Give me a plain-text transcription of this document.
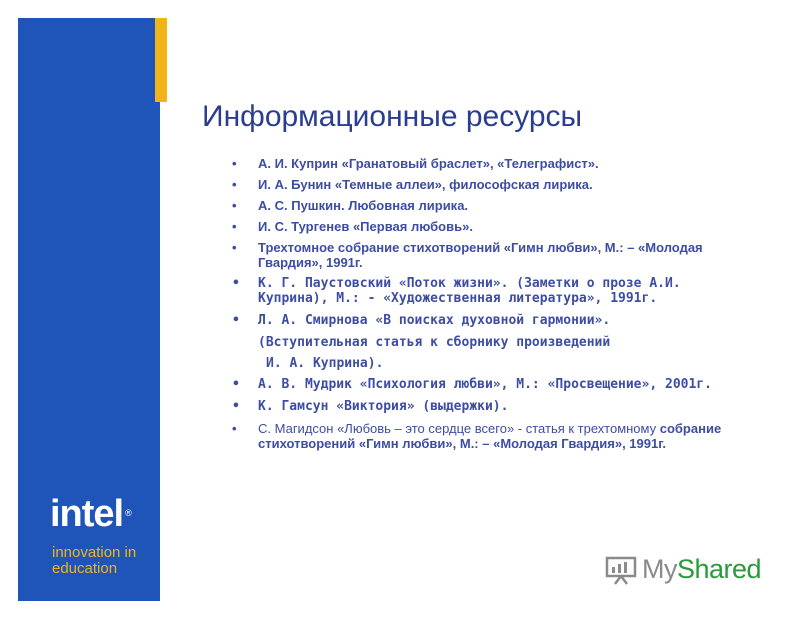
intel ®
innovation in
education
Информационные ресурсы
• А. И. Куприн «Гранатовый браслет», «Телеграфист».
• И. А. Бунин «Темные аллеи», философская лирика.
• А. С. Пушкин. Любовная лирика.
• И. С. Тургенев «Первая любовь».
• Трехтомное собрание стихотворений «Гимн любви», М.: – «Молодая Гвардия», 1991г.
• К. Г. Паустовский «Поток жизни». (Заметки о прозе А.И. Куприна), М.: - «Художественная литература», 1991г.
• Л. А. Смирнова «В поисках духовной гармонии».
(Вступительная статья к сборнику произведений
И. А. Куприна).
• А. В. Мудрик «Психология любви», М.: «Просвещение», 2001г.
• К. Гамсун «Виктория» (выдержки).
• С. Магидсон «Любовь – это сердце всего» - статья к трехтомному собрание стихотворений «Гимн любви», М.: – «Молодая Гвардия», 1991г.
MyShared
